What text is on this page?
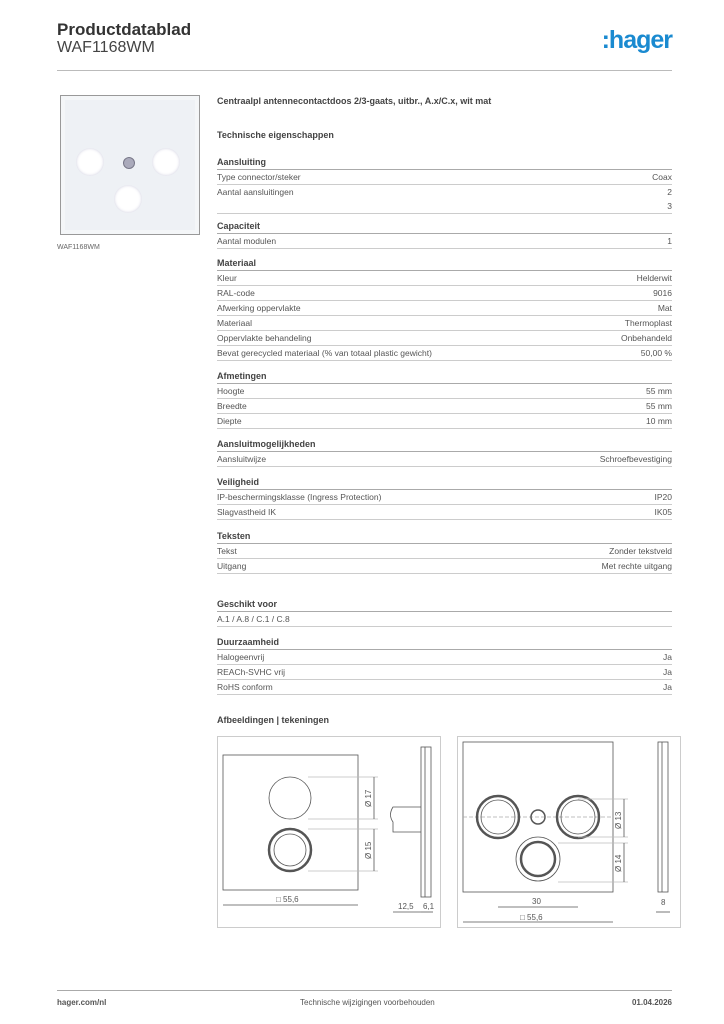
Productdatablad
WAF1168WM	:hager
WAF1168WM
Centraalpl antennecontactdoos 2/3-gaats, uitbr., A.x/C.x, wit mat
Technische eigenschappen
Aansluiting
Type connector/steker	Coax
Aantal aansluitingen	2
3
Capaciteit
Aantal modulen	1
Materiaal
Kleur	Helderwit
RAL-code	9016
Afwerking oppervlakte	Mat
Materiaal	Thermoplast
Oppervlakte behandeling	Onbehandeld
Bevat gerecycled materiaal (% van totaal plastic gewicht)	50,00 %
Afmetingen
Hoogte	55 mm
Breedte	55 mm
Diepte	10 mm
Aansluitmogelijkheden
Aansluitwijze	Schroefbevestiging
Veiligheid
IP-beschermingsklasse (Ingress Protection)	IP20
Slagvastheid IK	IK05
Teksten
Tekst	Zonder tekstveld
Uitgang	Met rechte uitgang
Geschikt voor
A.1 / A.8 / C.1 / C.8
Duurzaamheid
Halogeenvrij	Ja
REACh-SVHC vrij	Ja
RoHS conform	Ja
Afbeeldingen | tekeningen
Ø 17
Ø 15
□ 55,6
12,5 6,1
Ø 13
Ø 14
30
□ 55,6
8
hager.com/nl	Technische wijzigingen voorbehouden	01.04.2026
